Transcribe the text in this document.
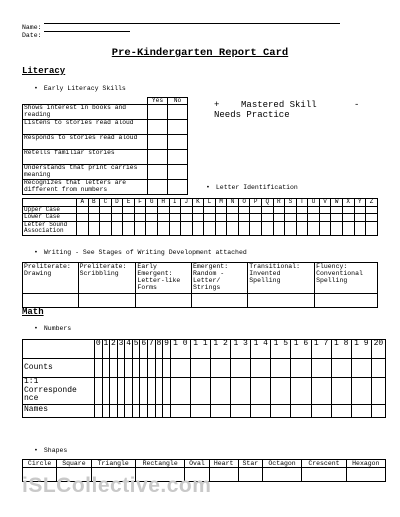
Name:
Date:
Pre-Kindergarten Report Card
Literacy
• Early Literacy Skills
	Yes	No
Shows interest in books and reading		
Listens to stories read aloud		
Responds to stories read aloud		
Retells familiar stories		
Understands that print carries meaning		
Recognizes that letters are different from numbers		
+ Mastered Skill	-

Needs Practice
• Letter Identification
	A	B	C	D	E	F	G	H	I	J	K	L	M	N	O	P	Q	R	S	T	U	V	W	X	Y	Z
Upper Case																										
Lower Case																										
Letter Sound Association																										
• Writing - See Stages of Writing Development attached
Preliterate: Drawing	Preliterate: Scribbling	Early Emergent: Letter-like Forms	Emergent: Random - Letter/ Strings	Transitional: Invented Spelling	Fluency: Conventional Spelling

Math
• Numbers
	0	1	2	3	4	5	6	7	8	9	1 0	1 1	1 2	1 3	1 4	1 5	1 6	1 7	1 8	1 9	20
Counts																					
1:1 Corresponde nce																					
Names																					
• Shapes
Circle	Square	Triangle	Rectangle	Oval	Heart	Star	Octagon	Crescent	Hexagon

iSLCollective.com
